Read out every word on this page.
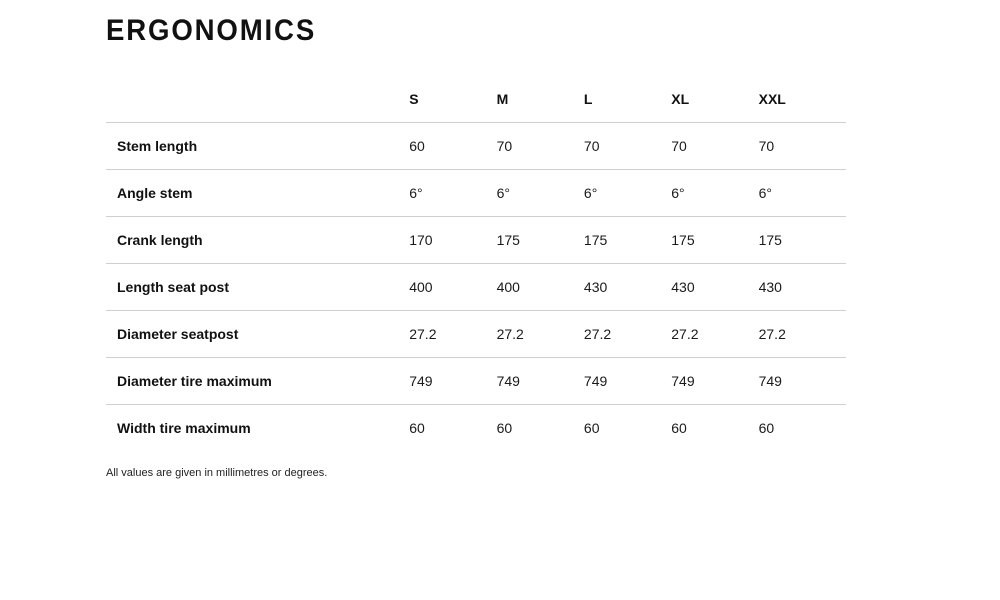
ERGONOMICS
	S	M	L	XL	XXL
Stem length	60	70	70	70	70
Angle stem	6°	6°	6°	6°	6°
Crank length	170	175	175	175	175
Length seat post	400	400	430	430	430
Diameter seatpost	27.2	27.2	27.2	27.2	27.2
Diameter tire maximum	749	749	749	749	749
Width tire maximum	60	60	60	60	60

All values are given in millimetres or degrees.
